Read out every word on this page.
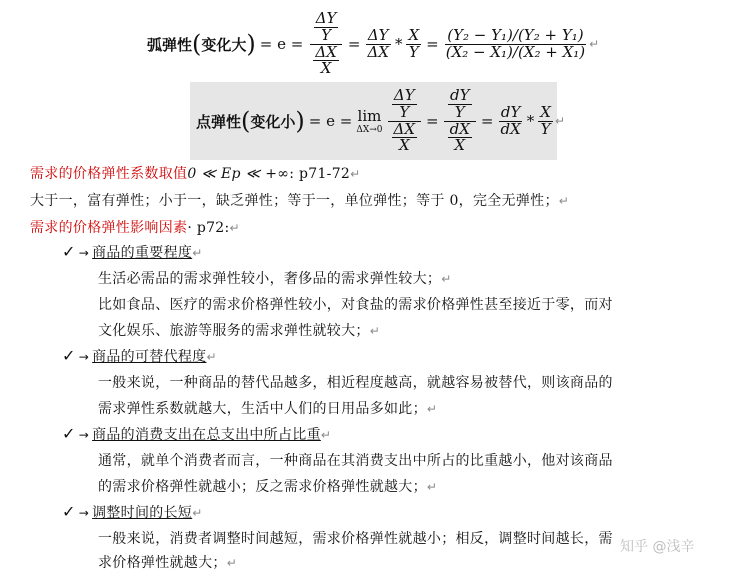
弧弹性 ( 变化大 ) = $e = \frac{\frac{\Delta Y}{Y}}{\frac{\Delta X}{X}} = \frac{\Delta Y}{\Delta X} * \frac{X}{Y} = \frac{\text{(Y₂ − Y₁)/(Y₂ + Y₁)}}{\text{(X₂ − X₁)/(X₂ + X₁)}}$ ↵
点弹性 ( 变化小 ) = e = lim
$\Delta X\to 0 \frac{\frac{\Delta Y}{Y}}{\frac{\Delta X}{X}} = \frac{\frac{dY}{Y}}{\frac{dX}{X}} = \frac{dY}{dX} * \frac{X}{Y}$ ↵
需求的价格弹性系数取值0 ≪ Ep ≪ +∞: p71-72↵
大于一，富有弹性；小于一，缺乏弹性；等于一，单位弹性；等于 0，完全无弹性；↵
需求的价格弹性影响因素· p72:↵
✓ → 商品的重要程度↵
生活必需品的需求弹性较小，奢侈品的需求弹性较大；↵
比如食品、医疗的需求价格弹性较小，对食盐的需求价格弹性甚至接近于零，而对
文化娱乐、旅游等服务的需求弹性就较大；↵
✓ → 商品的可替代程度↵
一般来说，一种商品的替代品越多，相近程度越高，就越容易被替代，则该商品的
需求弹性系数就越大，生活中人们的日用品多如此；↵
✓ → 商品的消费支出在总支出中所占比重↵
通常，就单个消费者而言，一种商品在其消费支出中所占的比重越小，他对该商品
的需求价格弹性就越小；反之需求价格弹性就越大；↵
✓ → 调整时间的长短↵
一般来说，消费者调整时间越短，需求价格弹性就越小；相反，调整时间越长，需
求价格弹性就越大；↵
知乎 @浅辛
